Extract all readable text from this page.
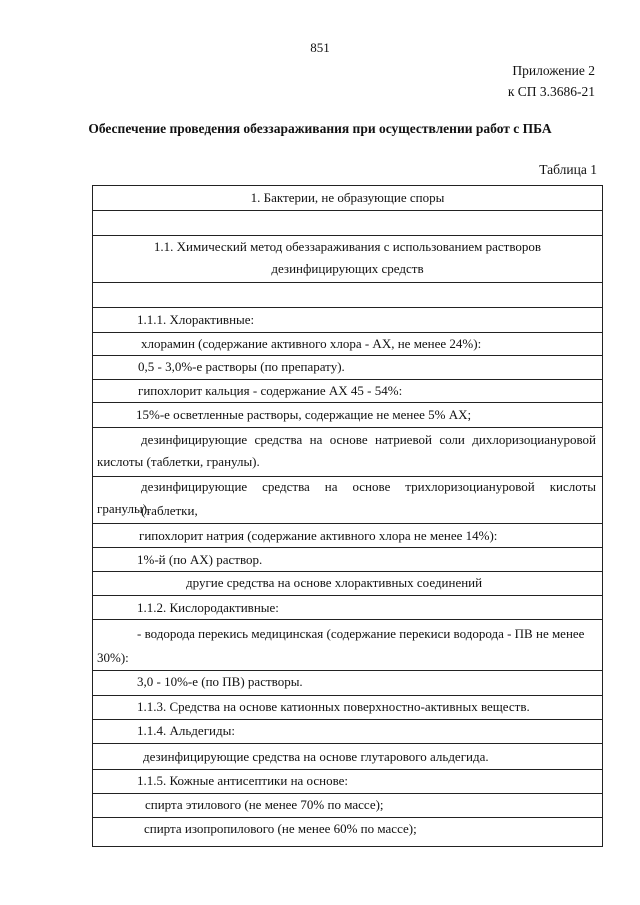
851
Приложение 2
к СП 3.3686-21
Обеспечение проведения обеззараживания при осуществлении работ с ПБА
Таблица 1
1. Бактерии, не образующие споры
1.1. Химический метод обеззараживания с использованием растворов
дезинфицирующих средств
1.1.1. Хлорактивные:
хлорамин (содержание активного хлора - АХ, не менее 24%):
0,5 - 3,0%-е растворы (по препарату).
гипохлорит кальция - содержание АХ 45 - 54%:
15%-е осветленные растворы, содержащие не менее 5% АХ;
дезинфицирующие средства на основе натриевой соли дихлоризоциануровой
кислоты (таблетки, гранулы).
дезинфицирующие средства на основе трихлоризоциануровой кислоты (таблетки,
гранулы).
гипохлорит натрия (содержание активного хлора не менее 14%):
1%-й (по АХ) раствор.
другие средства на основе хлорактивных соединений
1.1.2. Кислородактивные:
- водорода перекись медицинская (содержание перекиси водорода - ПВ не менее
30%):
3,0 - 10%-е (по ПВ) растворы.
1.1.3. Средства на основе катионных поверхностно-активных веществ.
1.1.4. Альдегиды:
дезинфицирующие средства на основе глутарового альдегида.
1.1.5. Кожные антисептики на основе:
спирта этилового (не менее 70% по массе);
спирта изопропилового (не менее 60% по массе);
